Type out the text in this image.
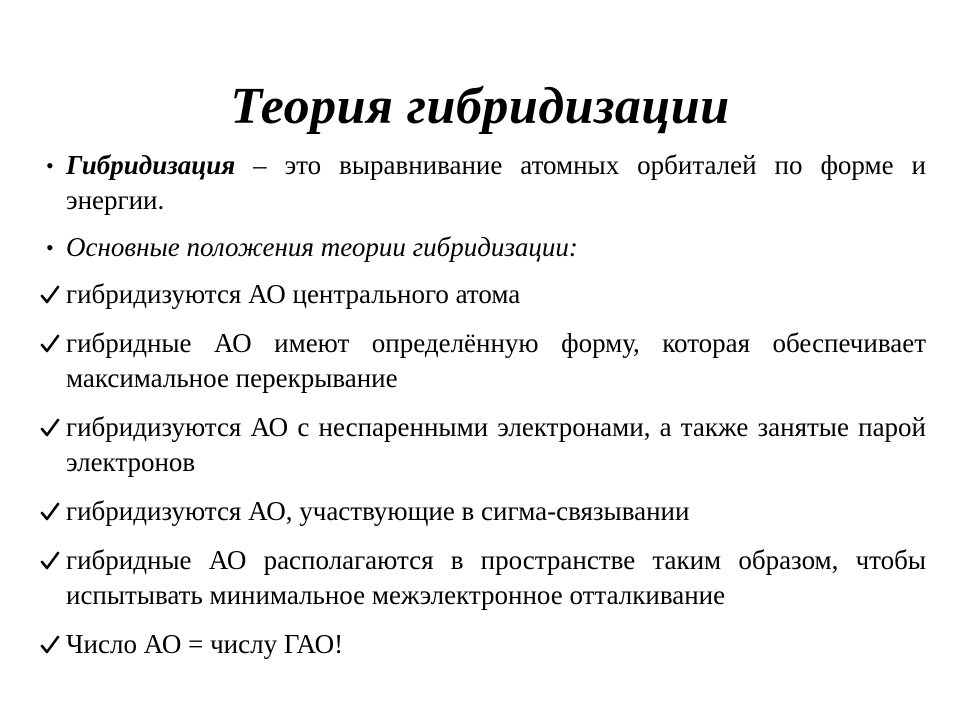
Теория гибридизации
• Гибридизация – это выравнивание атомных орбиталей по форме и энергии.
• Основные положения теории гибридизации:
гибридизуются АО центрального атома
гибридные АО имеют определённую форму, которая обеспечивает максимальное перекрывание
гибридизуются АО с неспаренными электронами, а также занятые парой электронов
гибридизуются АО, участвующие в сигма-связывании
гибридные АО располагаются в пространстве таким образом, чтобы испытывать минимальное межэлектронное отталкивание
Число АО = числу ГАО!
